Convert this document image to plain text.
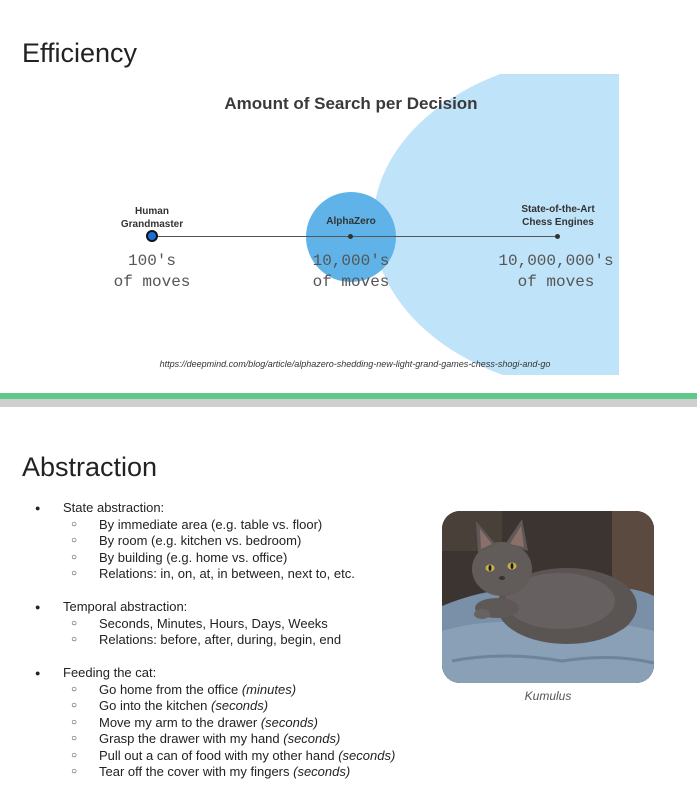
Efficiency
Amount of Search per Decision
Human
Grandmaster	AlphaZero
State-of-the-Art
Chess Engines
100's
of moves
10,000's
of moves
10,000,000's
of moves
https://deepmind.com/blog/article/alphazero-shedding-new-light-grand-games-chess-shogi-and-go
Abstraction
● State abstraction:
○ By immediate area (e.g. table vs. floor)
○ By room (e.g. kitchen vs. bedroom)
○ By building (e.g. home vs. office)
○ Relations: in, on, at, in between, next to, etc.
● Temporal abstraction:
○ Seconds, Minutes, Hours, Days, Weeks
○ Relations: before, after, during, begin, end
● Feeding the cat:
○ Go home from the office (minutes)
○ Go into the kitchen (seconds)
○ Move my arm to the drawer (seconds)
○ Grasp the drawer with my hand (seconds)
○ Pull out a can of food with my other hand (seconds)
○ Tear off the cover with my fingers (seconds)
Kumulus
